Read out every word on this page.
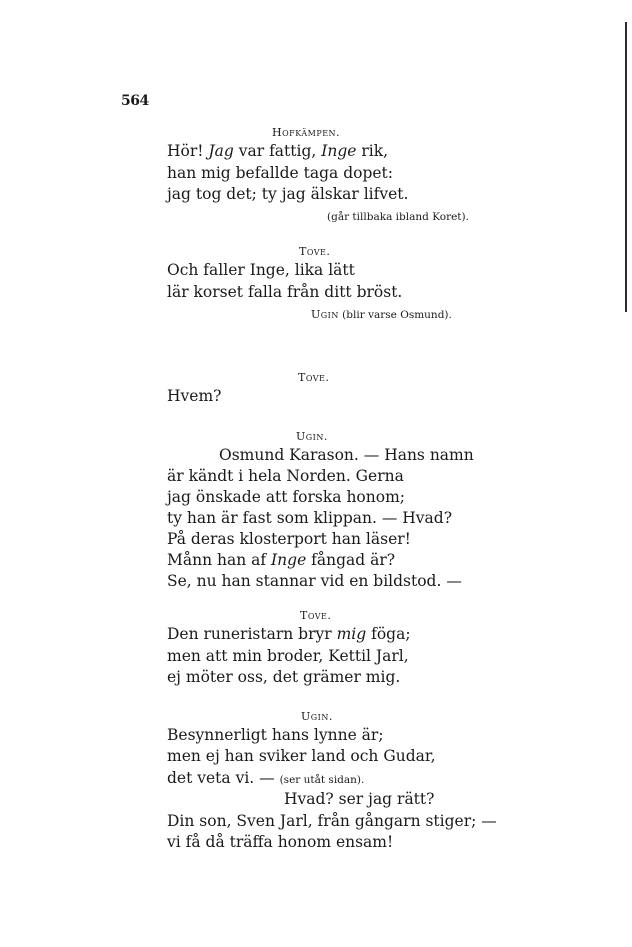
564
Hofkämpen.
Hör! Jag var fattig, Inge rik,
han mig befallde taga dopet:
jag tog det; ty jag älskar lifvet.
(går tillbaka ibland Koret).
Tove.
Och faller Inge, lika lätt
lär korset falla från ditt bröst.
Ugin (blir varse Osmund).
Tove.
Hvem?
Ugin.
Osmund Karason. — Hans namn
är kändt i hela Norden. Gerna
jag önskade att forska honom;
ty han är fast som klippan. — Hvad?
På deras klosterport han läser!
Månn han af Inge fångad är?
Se, nu han stannar vid en bildstod. —
Tove.
Den runeristarn bryr mig föga;
men att min broder, Kettil Jarl,
ej möter oss, det grämer mig.
Ugin.
Besynnerligt hans lynne är;
men ej han sviker land och Gudar,
det veta vi. — (ser utåt sidan).
Hvad? ser jag rätt?
Din son, Sven Jarl, från gångarn stiger; —
vi få då träffa honom ensam!
